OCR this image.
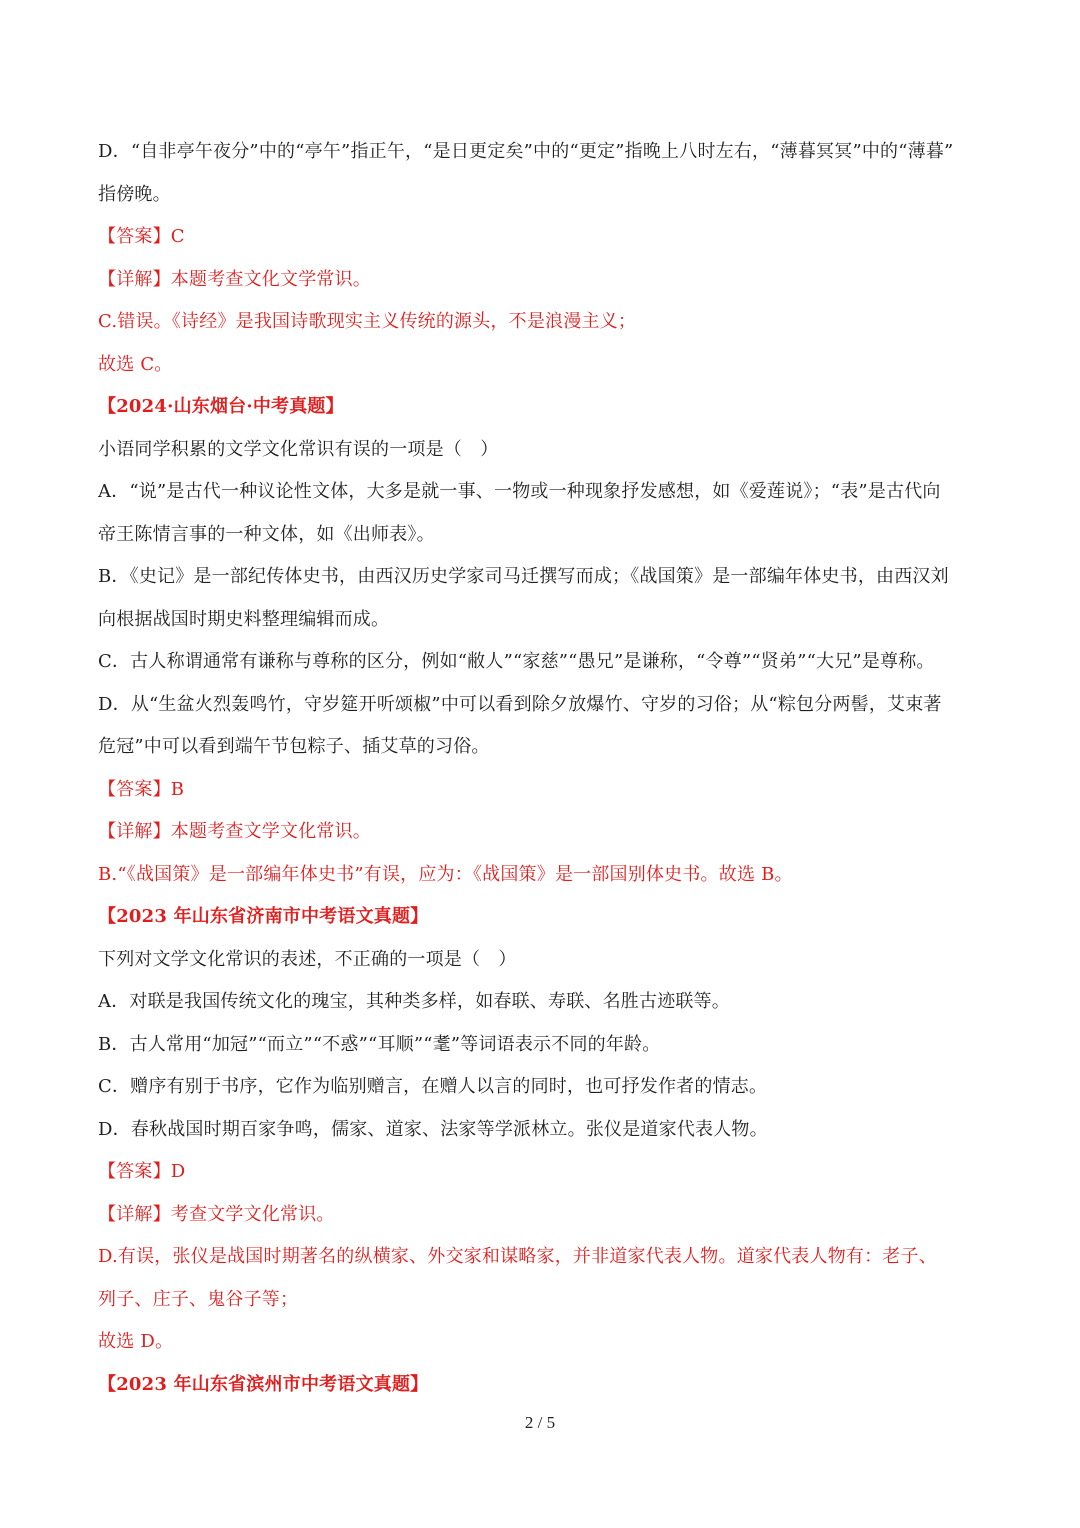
D．“自非亭午夜分”中的“亭午”指正午，“是日更定矣”中的“更定”指晚上八时左右，“薄暮冥冥”中的“薄暮”
指傍晚。
【答案】C
【详解】本题考查文化文学常识。
C.错误。《诗经》是我国诗歌现实主义传统的源头，不是浪漫主义；
故选 C。
【2024·山东烟台·中考真题】
小语同学积累的文学文化常识有误的一项是（　）
A．“说”是古代一种议论性文体，大多是就一事、一物或一种现象抒发感想，如《爱莲说》；“表”是古代向
帝王陈情言事的一种文体，如《出师表》。
B．《史记》是一部纪传体史书，由西汉历史学家司马迁撰写而成；《战国策》是一部编年体史书，由西汉刘
向根据战国时期史料整理编辑而成。
C．古人称谓通常有谦称与尊称的区分，例如“敝人”“家慈”“愚兄”是谦称，“令尊”“贤弟”“大兄”是尊称。
D．从“生盆火烈轰鸣竹，守岁筵开听颂椒”中可以看到除夕放爆竹、守岁的习俗；从“粽包分两髻，艾束著
危冠”中可以看到端午节包粽子、插艾草的习俗。
【答案】B
【详解】本题考查文学文化常识。
B.“《战国策》是一部编年体史书”有误，应为：《战国策》是一部国别体史书。故选 B。
【2023 年山东省济南市中考语文真题】
下列对文学文化常识的表述，不正确的一项是（　）
A．对联是我国传统文化的瑰宝，其种类多样，如春联、寿联、名胜古迹联等。
B．古人常用“加冠”“而立”“不惑”“耳顺”“耄”等词语表示不同的年龄。
C．赠序有别于书序，它作为临别赠言，在赠人以言的同时，也可抒发作者的情志。
D．春秋战国时期百家争鸣，儒家、道家、法家等学派林立。张仪是道家代表人物。
【答案】D
【详解】考查文学文化常识。
D.有误，张仪是战国时期著名的纵横家、外交家和谋略家，并非道家代表人物。道家代表人物有：老子、
列子、庄子、鬼谷子等；
故选 D。
【2023 年山东省滨州市中考语文真题】
2 / 5
